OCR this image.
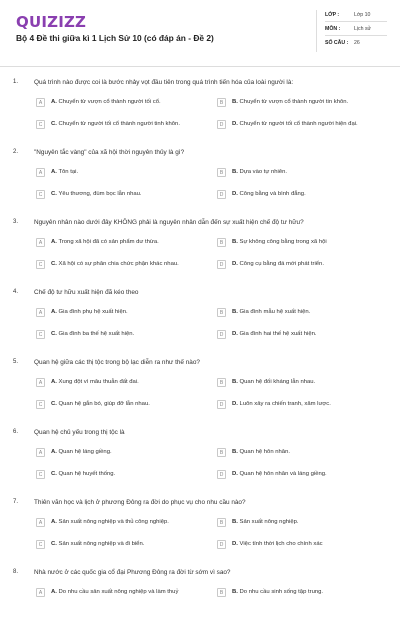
QUIZIZZ
Bộ 4 Đề thi giữa kì 1 Lịch Sử 10 (có đáp án - Đề 2)
LỚP :	Lớp 10
MÔN :	Lịch sử
SỐ CÂU :	26
1. Quá trình nào được coi là bước nhảy vọt đầu tiên trong quá trình tiến hóa của loài người là:
A	A. Chuyển từ vượn cổ thành người tối cổ.	B	B. Chuyển từ vượn cổ thành người tin khôn.
C	C. Chuyển từ người tối cổ thành người tinh khôn.	D	D. Chuyển từ người tối cổ thành người hiện đại.
2. "Nguyên tắc vàng" của xã hội thời nguyên thủy là gì?
A	A. Tôn tại.	B	B. Dựa vào tự nhiên.
C	C. Yêu thương, đùm bọc lẫn nhau.	D	D. Công bằng và bình đẳng.
3. Nguyên nhân nào dưới đây KHÔNG phải là nguyên nhân dẫn đến sự xuất hiện chế độ tư hữu?
A	A. Trong xã hội đã có sản phẩm dư thừa.	B	B. Sự không công bằng trong xã hội
C	C. Xã hội có sự phân chia chức phận khác nhau.	D	D. Công cụ bằng đá mới phát triển.
4. Chế độ tư hữu xuất hiện đã kéo theo
A	A. Gia đình phụ hệ xuất hiện.	B	B. Gia đình mẫu hệ xuất hiện.
C	C. Gia đình ba thế hệ xuất hiện.	D	D. Gia đình hai thế hệ xuất hiện.
5. Quan hệ giữa các thị tộc trong bộ lạc diễn ra như thế nào?
A	A. Xung đột vì mâu thuẫn đất đai.	B	B. Quan hệ đối kháng lẫn nhau.
C	C. Quan hệ gắn bó, giúp đỡ lẫn nhau.	D	D. Luôn xảy ra chiến tranh, xâm lược.
6. Quan hệ chủ yếu trong thị tộc là
A	A. Quan hệ láng giềng.	B	B. Quan hệ hôn nhân.
C	C. Quan hệ huyết thống.	D	D. Quan hệ hôn nhân và láng giềng.
7. Thiên văn học và lịch ở phương Đông ra đời do phục vụ cho nhu cầu nào?
A	A. Sản xuất nông nghiệp và thủ công nghiệp.	B	B. Sản xuất nông nghiệp.
C	C. Sản xuất nông nghiệp và đi biển.	D	D. Việc tính thời lịch cho chính xác
8. Nhà nước ở các quốc gia cổ đại Phương Đông ra đời từ sớm vì sao?
A	A. Do nhu cầu sản xuất nông nghiệp và làm thuỷ	B	B. Do nhu cầu sinh sống tập trung.
